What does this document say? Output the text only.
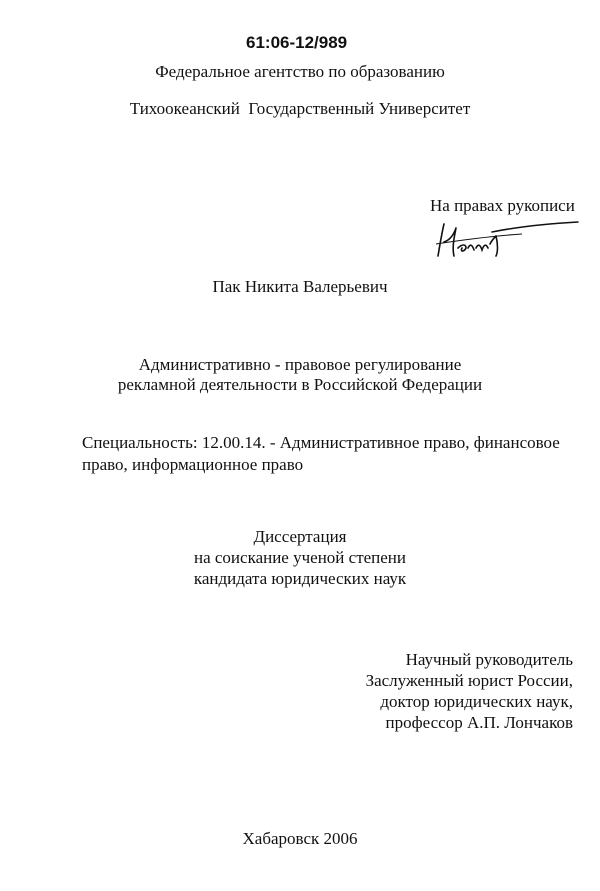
61:06-12/989
Федеральное агентство по образованию
Тихоокеанский  Государственный Университет
На правах рукописи
Пак Никита Валерьевич
Административно - правовое регулирование
рекламной деятельности в Российской Федерации
Специальность: 12.00.14. - Административное право, финансовое
право, информационное право
Диссертация
на соискание ученой степени
кандидата юридических наук
Научный руководитель
Заслуженный юрист России,
доктор юридических наук,
профессор А.П. Лончаков
Хабаровск 2006
